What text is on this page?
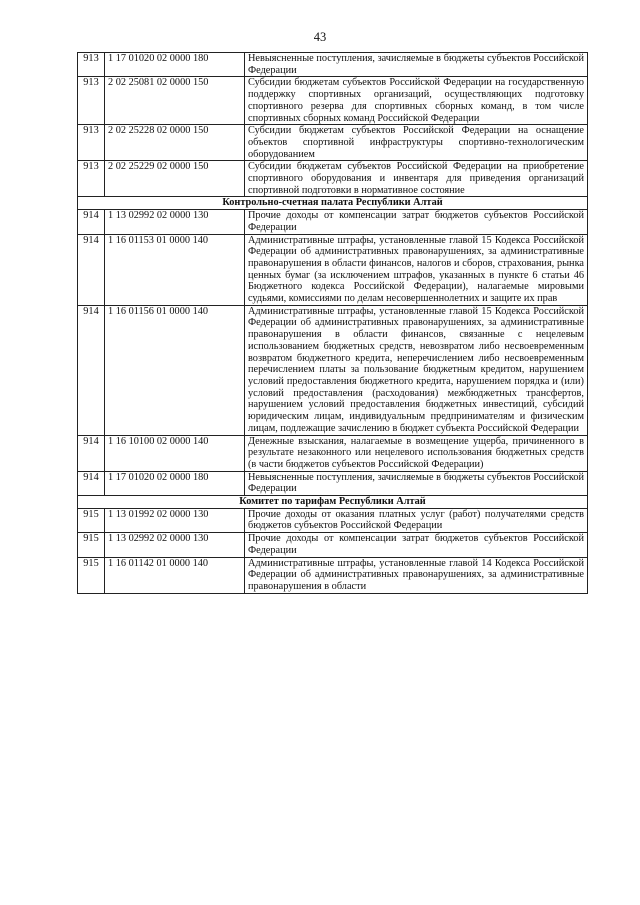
43
913	1 17 01020 02 0000 180	Невыясненные поступления, зачисляемые в бюджеты субъектов Российской Федерации
913	2 02 25081 02 0000 150	Субсидии бюджетам субъектов Российской Федерации на государственную поддержку спортивных организаций, осуществляющих подготовку спортивного резерва для спортивных сборных команд, в том числе спортивных сборных команд Российской Федерации
913	2 02 25228 02 0000 150	Субсидии бюджетам субъектов Российской Федерации на оснащение объектов спортивной инфраструктуры спортивно-технологическим оборудованием
913	2 02 25229 02 0000 150	Субсидии бюджетам субъектов Российской Федерации на приобретение спортивного оборудования и инвентаря для приведения организаций спортивной подготовки в нормативное состояние
Контрольно-счетная палата Республики Алтай		
914	1 13 02992 02 0000 130	Прочие доходы от компенсации затрат бюджетов субъектов Российской Федерации
914	1 16 01153 01 0000 140	Административные штрафы, установленные главой 15 Кодекса Российской Федерации об административных правонарушениях, за административные правонарушения в области финансов, налогов и сборов, страхования, рынка ценных бумаг (за исключением штрафов, указанных в пункте 6 статьи 46 Бюджетного кодекса Российской Федерации), налагаемые мировыми судьями, комиссиями по делам несовершеннолетних и защите их прав
914	1 16 01156 01 0000 140	Административные штрафы, установленные главой 15 Кодекса Российской Федерации об административных правонарушениях, за административные правонарушения в области финансов, связанные с нецелевым использованием бюджетных средств, невозвратом либо несвоевременным возвратом бюджетного кредита, неперечислением либо несвоевременным перечислением платы за пользование бюджетным кредитом, нарушением условий предоставления бюджетного кредита, нарушением порядка и (или) условий предоставления (расходования) межбюджетных трансфертов, нарушением условий предоставления бюджетных инвестиций, субсидий юридическим лицам, индивидуальным предпринимателям и физическим лицам, подлежащие зачислению в бюджет субъекта Российской Федерации
914	1 16 10100 02 0000 140	Денежные взыскания, налагаемые в возмещение ущерба, причиненного в результате незаконного или нецелевого использования бюджетных средств (в части бюджетов субъектов Российской Федерации)
914	1 17 01020 02 0000 180	Невыясненные поступления, зачисляемые в бюджеты субъектов Российской Федерации
Комитет по тарифам Республики Алтай		
915	1 13 01992 02 0000 130	Прочие доходы от оказания платных услуг (работ) получателями средств бюджетов субъектов Российской Федерации
915	1 13 02992 02 0000 130	Прочие доходы от компенсации затрат бюджетов субъектов Российской Федерации
915	1 16 01142 01 0000 140	Административные штрафы, установленные главой 14 Кодекса Российской Федерации об административных правонарушениях, за административные правонарушения в области
